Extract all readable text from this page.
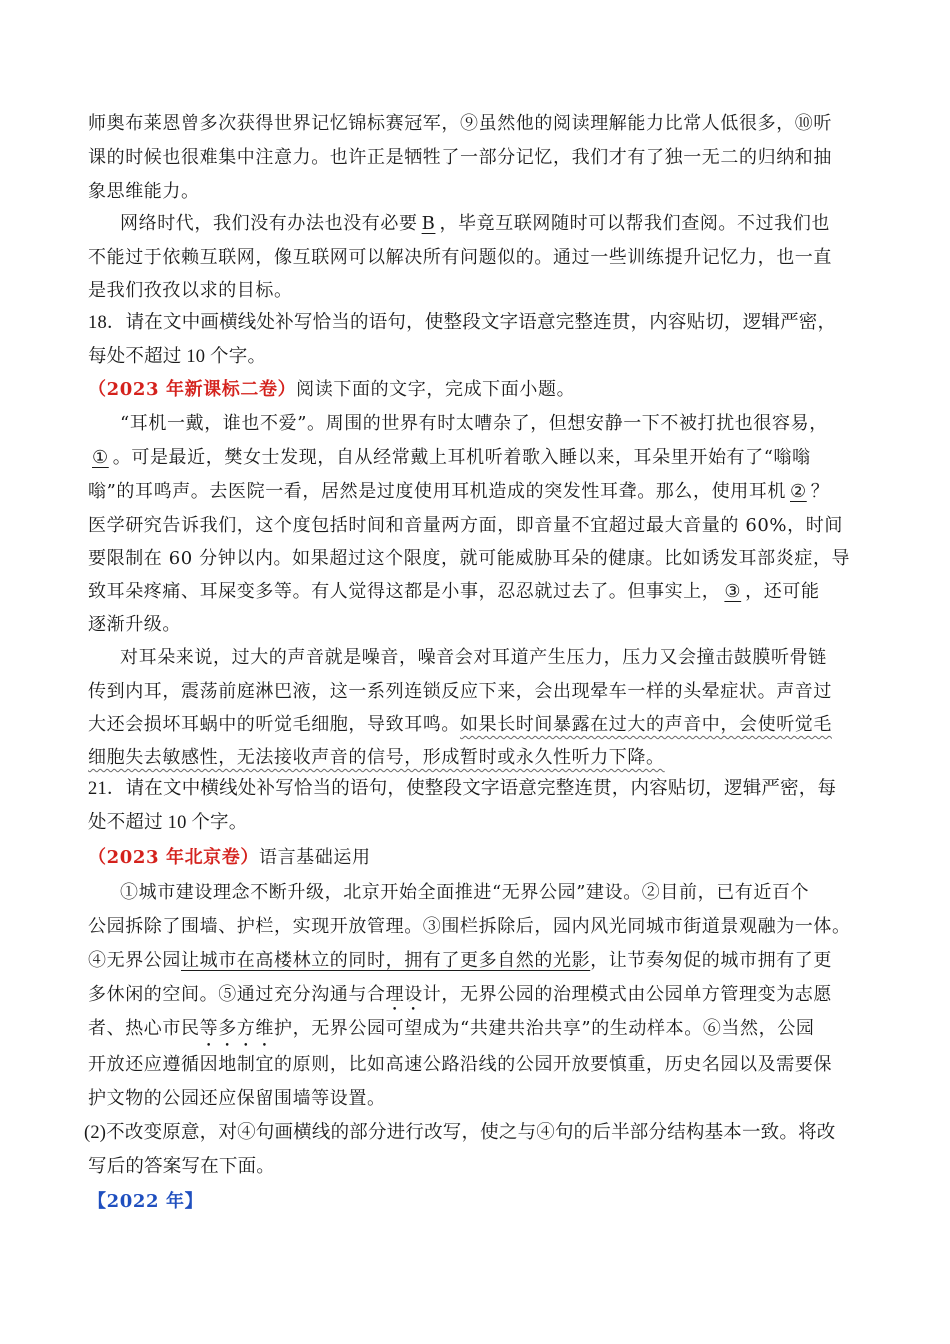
师奥布莱恩曾多次获得世界记忆锦标赛冠军，⑨虽然他的阅读理解能力比常人低很多，⑩听
课的时候也很难集中注意力。也许正是牺牲了一部分记忆，我们才有了独一无二的归纳和抽
象思维能力。
网络时代，我们没有办法也没有必要 B ，毕竟互联网随时可以帮我们查阅。不过我们也
不能过于依赖互联网，像互联网可以解决所有问题似的。通过一些训练提升记忆力，也一直
是我们孜孜以求的目标。
18．请在文中画横线处补写恰当的语句，使整段文字语意完整连贯，内容贴切，逻辑严密，
每处不超过 10 个字。
（2023 年新课标二卷）阅读下面的文字，完成下面小题。
“耳机一戴，谁也不爱”。周围的世界有时太嘈杂了，但想安静一下不被打扰也很容易，
① 。可是最近，樊女士发现，自从经常戴上耳机听着歌入睡以来，耳朵里开始有了“嗡嗡
嗡”的耳鸣声。去医院一看，居然是过度使用耳机造成的突发性耳聋。那么，使用耳机 ② ？
医学研究告诉我们，这个度包括时间和音量两方面，即音量不宜超过最大音量的 60%，时间
要限制在 60 分钟以内。如果超过这个限度，就可能威胁耳朵的健康。比如诱发耳部炎症，导
致耳朵疼痛、耳屎变多等。有人觉得这都是小事，忍忍就过去了。但事实上， ③ ，还可能
逐渐升级。
对耳朵来说，过大的声音就是噪音，噪音会对耳道产生压力，压力又会撞击鼓膜听骨链
传到内耳，震荡前庭淋巴液，这一系列连锁反应下来，会出现晕车一样的头晕症状。声音过
大还会损坏耳蜗中的听觉毛细胞，导致耳鸣。如果长时间暴露在过大的声音中，会使听觉毛
细胞失去敏感性，无法接收声音的信号，形成暂时或永久性听力下降。
21．请在文中横线处补写恰当的语句，使整段文字语意完整连贯，内容贴切，逻辑严密，每
处不超过 10 个字。
（2023 年北京卷）语言基础运用
①城市建设理念不断升级，北京开始全面推进“无界公园”建设。②目前，已有近百个
公园拆除了围墙、护栏，实现开放管理。③围栏拆除后，园内风光同城市街道景观融为一体。
④无界公园让城市在高楼林立的同时，拥有了更多自然的光影，让节奏匆促的城市拥有了更
多休闲的空间。⑤通过充分沟通与合理设计，无界公园的治理模式由公园单方管理变为志愿
者、热心市民等多方维护，无界公园可望成为“共建共治共享”的生动样本。⑥当然，公园
开放还应遵循因地制宜的原则，比如高速公路沿线的公园开放要慎重，历史名园以及需要保
护文物的公园还应保留围墙等设置。
(2)不改变原意，对④句画横线的部分进行改写，使之与④句的后半部分结构基本一致。将改
写后的答案写在下面。
【2022 年】
